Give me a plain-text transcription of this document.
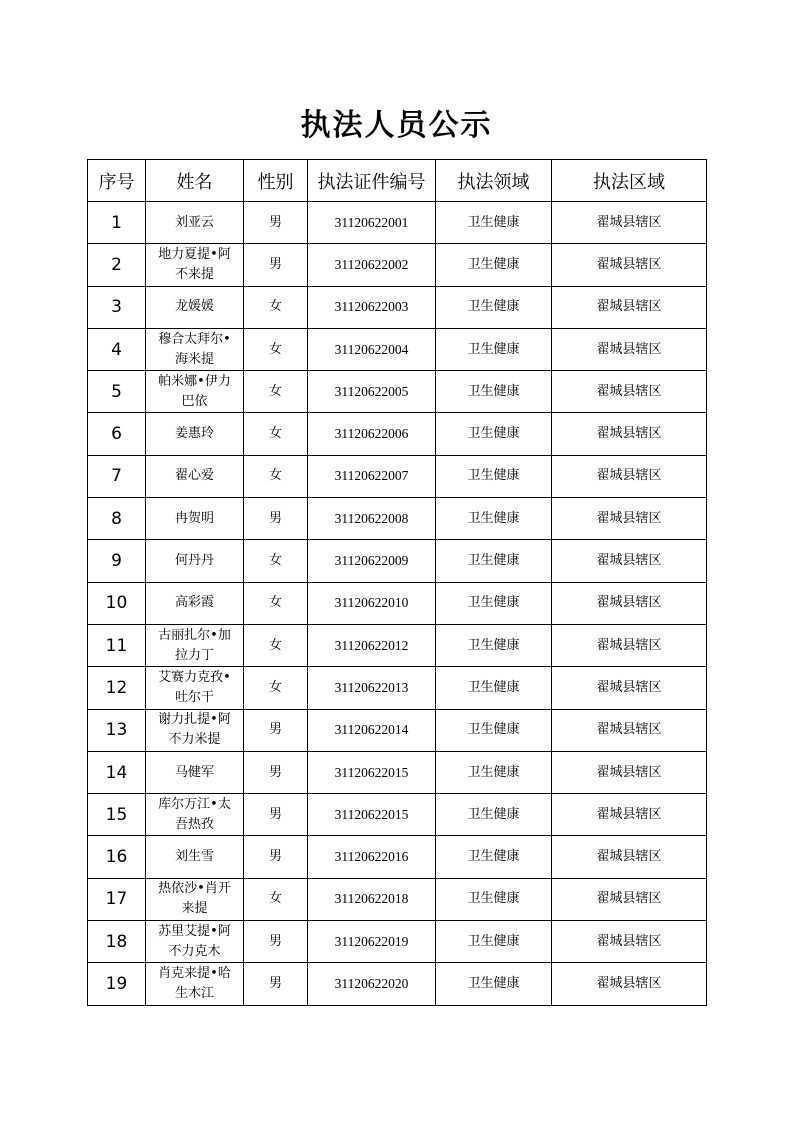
执法人员公示
序号	姓名	性别	执法证件编号	执法领域	执法区域
1	刘亚云	男	31120622001	卫生健康	翟城县辖区
2	地力夏提•阿不来提	男	31120622002	卫生健康	翟城县辖区
3	龙媛媛	女	31120622003	卫生健康	翟城县辖区
4	穆合太拜尔•海米提	女	31120622004	卫生健康	翟城县辖区
5	帕米娜•伊力巴依	女	31120622005	卫生健康	翟城县辖区
6	姜惠玲	女	31120622006	卫生健康	翟城县辖区
7	翟心爱	女	31120622007	卫生健康	翟城县辖区
8	冉贺明	男	31120622008	卫生健康	翟城县辖区
9	何丹丹	女	31120622009	卫生健康	翟城县辖区
10	高彩霞	女	31120622010	卫生健康	翟城县辖区
11	古丽扎尔•加拉力丁	女	31120622012	卫生健康	翟城县辖区
12	艾赛力克孜•吐尔干	女	31120622013	卫生健康	翟城县辖区
13	谢力扎提•阿不力米提	男	31120622014	卫生健康	翟城县辖区
14	马健军	男	31120622015	卫生健康	翟城县辖区
15	库尔万江•太吾热孜	男	31120622015	卫生健康	翟城县辖区
16	刘生雪	男	31120622016	卫生健康	翟城县辖区
17	热依沙•肖开来提	女	31120622018	卫生健康	翟城县辖区
18	苏里艾提•阿不力克木	男	31120622019	卫生健康	翟城县辖区
19	肖克来提•哈生木江	男	31120622020	卫生健康	翟城县辖区
